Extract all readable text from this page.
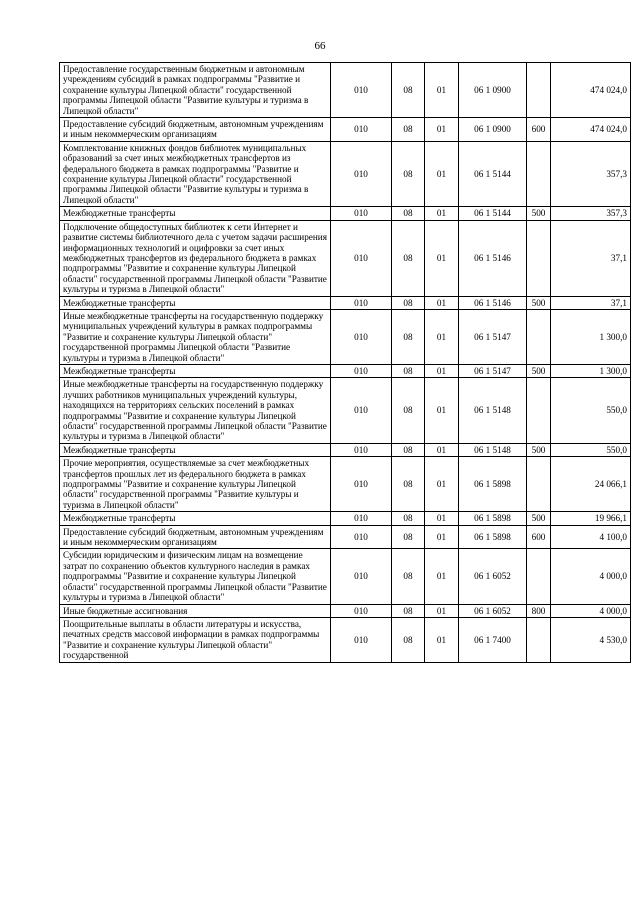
66
Предоставление государственным бюджетным и автономным учреждениям субсидий в рамках подпрограммы "Развитие и сохранение культуры Липецкой области" государственной программы Липецкой области "Развитие культуры и туризма в Липецкой области"	010	08	01	06 1 0900		474 024,0
Предоставление субсидий бюджетным, автономным учреждениям и иным некоммерческим организациям	010	08	01	06 1 0900	600	474 024,0
Комплектование книжных фондов библиотек муниципальных образований за счет иных межбюджетных трансфертов из федерального бюджета в рамках подпрограммы "Развитие и сохранение культуры Липецкой области" государственной программы Липецкой области "Развитие культуры и туризма в Липецкой области"	010	08	01	06 1 5144		357,3
Межбюджетные трансферты	010	08	01	06 1 5144	500	357,3
Подключение общедоступных библиотек к сети Интернет и развитие системы библиотечного дела с учетом задачи расширения информационных технологий и оцифровки за счет иных межбюджетных трансфертов из федерального бюджета в рамках подпрограммы "Развитие и сохранение культуры Липецкой области" государственной программы Липецкой области "Развитие культуры и туризма в Липецкой области"	010	08	01	06 1 5146		37,1
Межбюджетные трансферты	010	08	01	06 1 5146	500	37,1
Иные межбюджетные трансферты на государственную поддержку муниципальных учреждений культуры в рамках подпрограммы "Развитие и сохранение культуры Липецкой области" государственной программы Липецкой области "Развитие культуры и туризма в Липецкой области"	010	08	01	06 1 5147		1 300,0
Межбюджетные трансферты	010	08	01	06 1 5147	500	1 300,0
Иные межбюджетные трансферты на государственную поддержку лучших работников муниципальных учреждений культуры, находящихся на территориях сельских поселений в рамках подпрограммы "Развитие и сохранение культуры Липецкой области" государственной программы Липецкой области "Развитие культуры и туризма в Липецкой области"	010	08	01	06 1 5148		550,0
Межбюджетные трансферты	010	08	01	06 1 5148	500	550,0
Прочие мероприятия, осуществляемые за счет межбюджетных трансфертов прошлых лет из федерального бюджета в рамках подпрограммы "Развитие и сохранение культуры Липецкой области" государственной программы "Развитие культуры и туризма в Липецкой области"	010	08	01	06 1 5898		24 066,1
Межбюджетные трансферты	010	08	01	06 1 5898	500	19 966,1
Предоставление субсидий бюджетным, автономным учреждениям и иным некоммерческим организациям	010	08	01	06 1 5898	600	4 100,0
Субсидии юридическим и физическим лицам на возмещение затрат по сохранению объектов культурного наследия в рамках подпрограммы "Развитие и сохранение культуры Липецкой области" государственной программы Липецкой области "Развитие культуры и туризма в Липецкой области"	010	08	01	06 1 6052		4 000,0
Иные бюджетные ассигнования	010	08	01	06 1 6052	800	4 000,0
Поощрительные выплаты в области литературы и искусства, печатных средств массовой информации в рамках подпрограммы "Развитие и сохранение культуры Липецкой области" государственной	010	08	01	06 1 7400		4 530,0
